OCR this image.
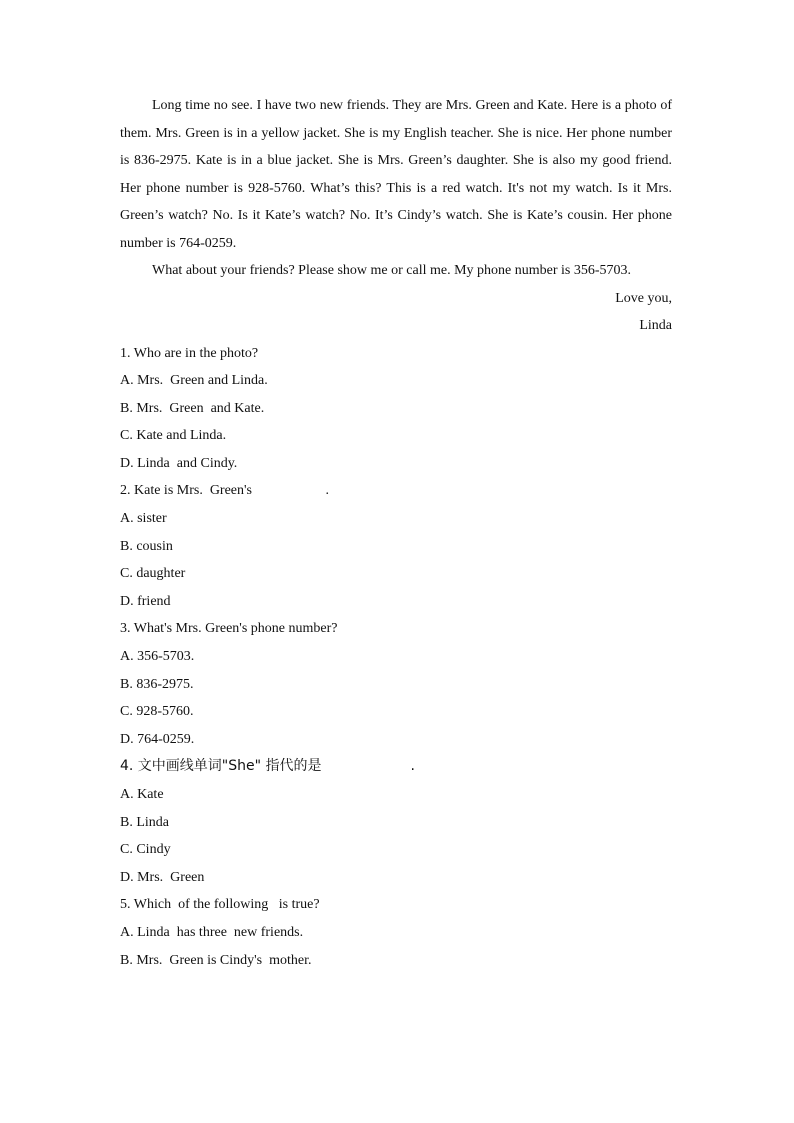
Long time no see. I have two new friends. They are Mrs. Green and Kate. Here is a photo of them. Mrs. Green is in a yellow jacket. She is my English teacher. She is nice. Her phone number is 836-2975. Kate is in a blue jacket. She is Mrs. Green’s daughter. She is also my good friend. Her phone number is 928-5760. What’s this? This is a red watch. It's not my watch. Is it Mrs. Green’s watch? No. Is it Kate’s watch? No. It’s Cindy’s watch. She is Kate’s cousin. Her phone number is 764-0259.

What about your friends? Please show me or call me. My phone number is 356-5703.

Love you,

Linda

1. Who are in the photo?

A. Mrs.  Green and Linda.

B. Mrs.  Green  and Kate.

C. Kate and Linda.

D. Linda  and Cindy.

2. Kate is Mrs.  Green's                     .

A. sister

B. cousin

C. daughter

D. friend

3. What's Mrs. Green's phone number?

A. 356-5703.

B. 836-2975.

C. 928-5760.

D. 764-0259.

4. 文中画线单词"She" 指代的是                    .

A. Kate

B. Linda

C. Cindy

D. Mrs.  Green

5. Which  of the following   is true?

A. Linda  has three  new friends.

B. Mrs.  Green is Cindy's  mother.
